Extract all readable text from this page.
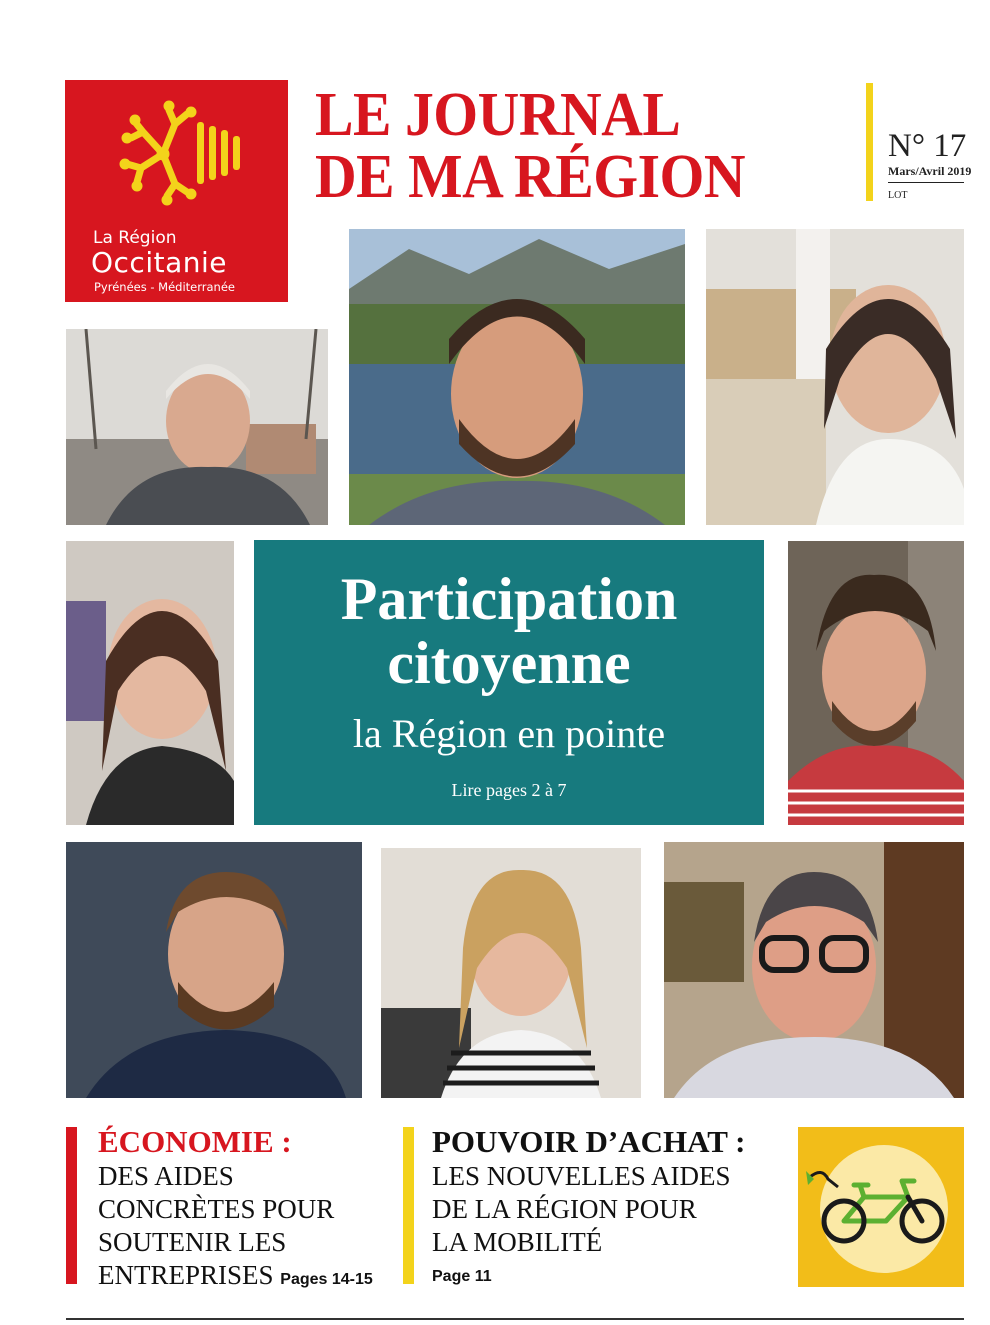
La Région
Occitanie
Pyrénées - Méditerranée
LE JOURNAL
DE MA RÉGION	N° 17
Mars/Avril 2019
LOT
Participation
citoyenne
la Région en pointe
Lire pages 2 à 7
ÉCONOMIE :
DES AIDES
CONCRÈTES POUR
SOUTENIR LES
ENTREPRISES Pages 14-15
POUVOIR D’ACHAT :
LES NOUVELLES AIDES
DE LA RÉGION POUR
LA MOBILITÉ
Page 11
